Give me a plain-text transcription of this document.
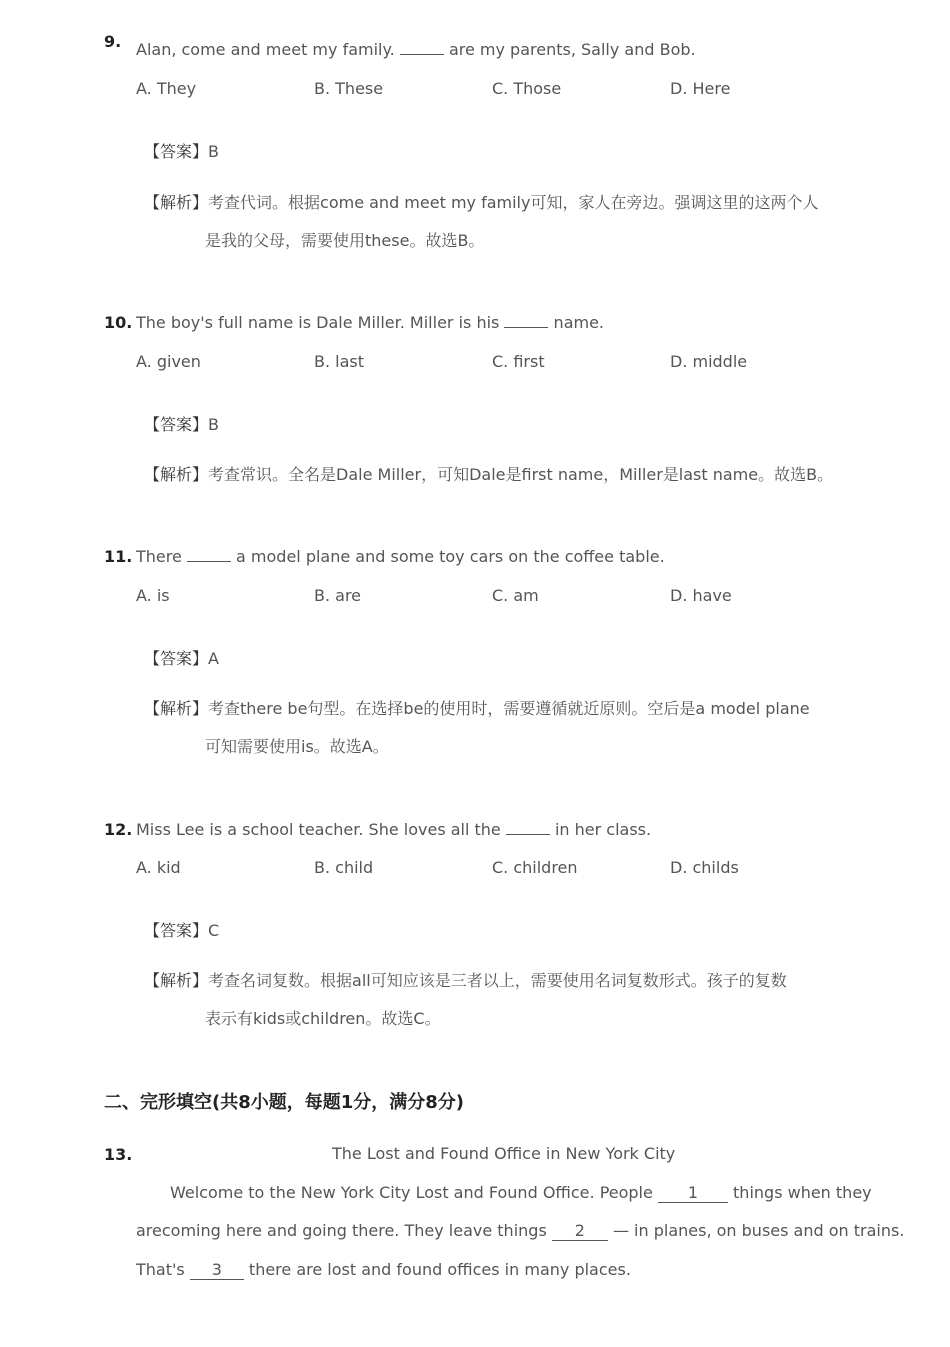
9. Alan, come and meet my family.	are my parents, Sally and Bob.
A. They	B. These	C. Those	D. Here
【答案】B
【解析】考查代词。根据come and meet my family可知，家人在旁边。强调这里的这两个人
是我的父母，需要使用these。故选B。
10. The boy's full name is Dale Miller. Miller is his	name.
A. given	B. last	C. first	D. middle
【答案】B
【解析】考查常识。全名是Dale Miller，可知Dale是first name，Miller是last name。故选B。
11. There	a model plane and some toy cars on the coffee table.
A. is	B. are	C. am	D. have
【答案】A
【解析】考查there be句型。在选择be的使用时，需要遵循就近原则。空后是a model plane
可知需要使用is。故选A。
12. Miss Lee is a school teacher. She loves all the	in her class.
A. kid	B. child	C. children	D. childs
【答案】C
【解析】考查名词复数。根据all可知应该是三者以上，需要使用名词复数形式。孩子的复数
表示有kids或children。故选C。
二、完形填空(共8小题，每题1分，满分8分)
13.	The Lost and Found Office in New York City
Welcome to the New York City Lost and Found Office. People 1 things when they
arecoming here and going there. They leave things 2 — in planes, on buses and on trains.
That's 3 there are lost and found offices in many places.
